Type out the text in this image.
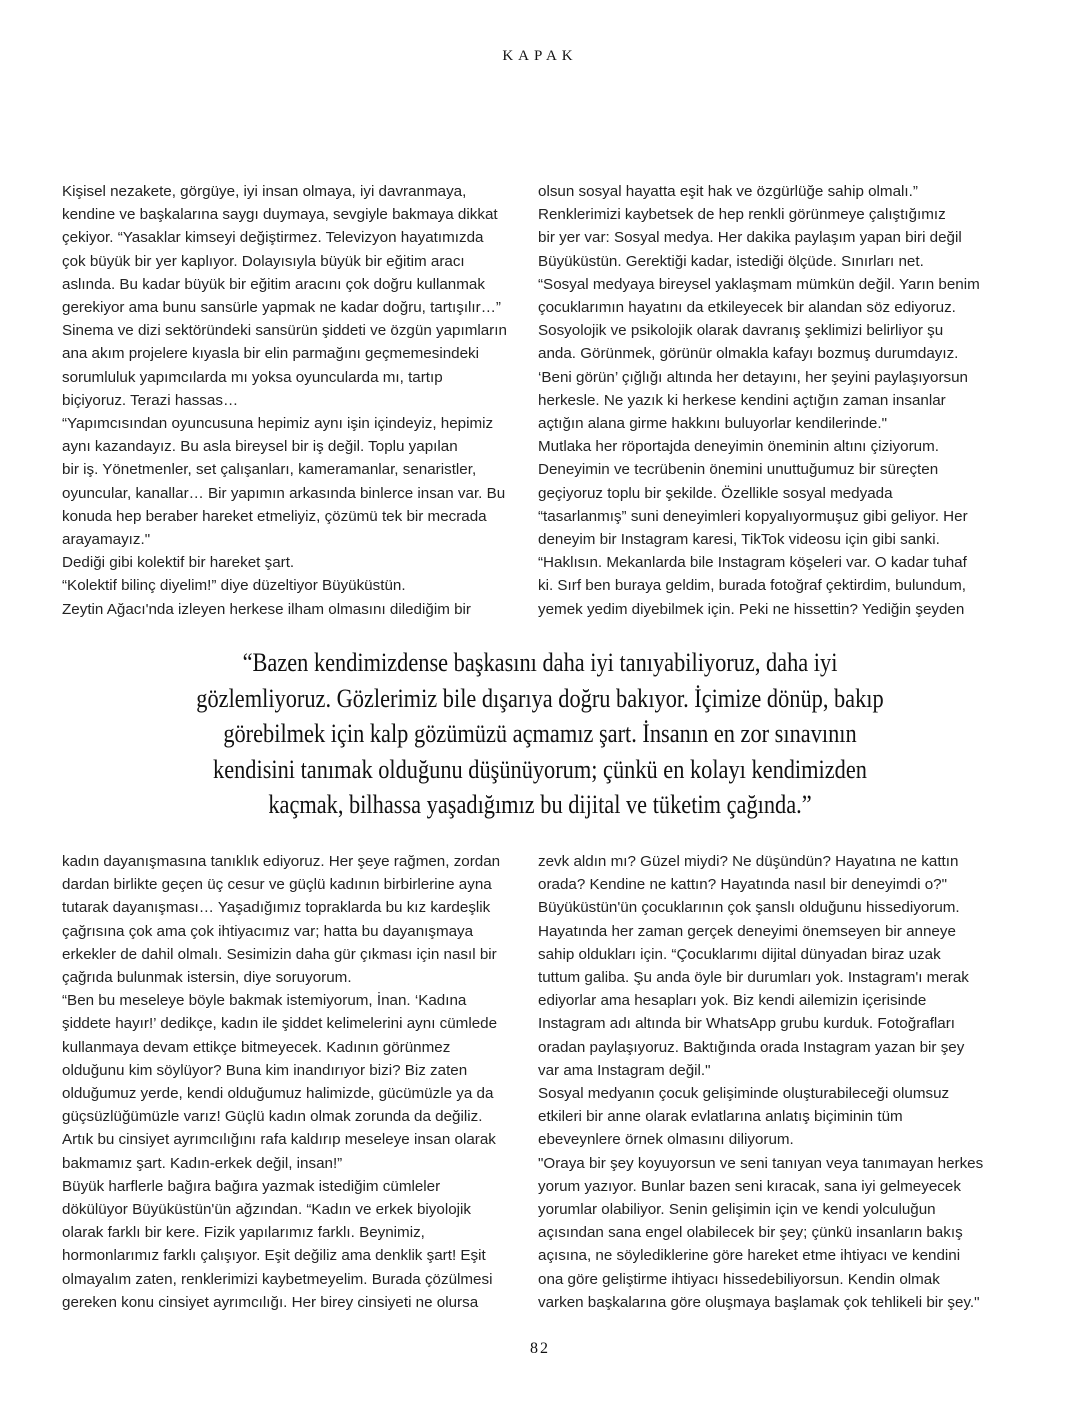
KAPAK

Kişisel nezakete, görgüye, iyi insan olmaya, iyi davranmaya,

kendine ve başkalarına saygı duymaya, sevgiyle bakmaya dikkat

çekiyor. “Yasaklar kimseyi değiştirmez. Televizyon hayatımızda

çok büyük bir yer kaplıyor. Dolayısıyla büyük bir eğitim aracı

aslında. Bu kadar büyük bir eğitim aracını çok doğru kullanmak

gerekiyor ama bunu sansürle yapmak ne kadar doğru, tartışılır…”

Sinema ve dizi sektöründeki sansürün şiddeti ve özgün yapımların

ana akım projelere kıyasla bir elin parmağını geçmemesindeki

sorumluluk yapımcılarda mı yoksa oyuncularda mı, tartıp

biçiyoruz. Terazi hassas…

“Yapımcısından oyuncusuna hepimiz aynı işin içindeyiz, hepimiz

aynı kazandayız. Bu asla bireysel bir iş değil. Toplu yapılan

bir iş. Yönetmenler, set çalışanları, kameramanlar, senaristler,

oyuncular, kanallar… Bir yapımın arkasında binlerce insan var. Bu

konuda hep beraber hareket etmeliyiz, çözümü tek bir mecrada

arayamayız."

Dediği gibi kolektif bir hareket şart.

“Kolektif bilinç diyelim!” diye düzeltiyor Büyüküstün.

Zeytin Ağacı'nda izleyen herkese ilham olmasını dilediğim bir

olsun sosyal hayatta eşit hak ve özgürlüğe sahip olmalı.”

Renklerimizi kaybetsek de hep renkli görünmeye çalıştığımız

bir yer var: Sosyal medya. Her dakika paylaşım yapan biri değil

Büyüküstün. Gerektiği kadar, istediği ölçüde. Sınırları net.

“Sosyal medyaya bireysel yaklaşmam mümkün değil. Yarın benim

çocuklarımın hayatını da etkileyecek bir alandan söz ediyoruz.

Sosyolojik ve psikolojik olarak davranış şeklimizi belirliyor şu

anda. Görünmek, görünür olmakla kafayı bozmuş durumdayız.

‘Beni görün’ çığlığı altında her detayını, her şeyini paylaşıyorsun

herkesle. Ne yazık ki herkese kendini açtığın zaman insanlar

açtığın alana girme hakkını buluyorlar kendilerinde."

Mutlaka her röportajda deneyimin öneminin altını çiziyorum.

Deneyimin ve tecrübenin önemini unuttuğumuz bir süreçten

geçiyoruz toplu bir şekilde. Özellikle sosyal medyada

“tasarlanmış” suni deneyimleri kopyalıyormuşuz gibi geliyor. Her

deneyim bir Instagram karesi, TikTok videosu için gibi sanki.

“Haklısın. Mekanlarda bile Instagram köşeleri var. O kadar tuhaf

ki. Sırf ben buraya geldim, burada fotoğraf çektirdim, bulundum,

yemek yedim diyebilmek için. Peki ne hissettin? Yediğin şeyden

“Bazen kendimizdense başkasını daha iyi tanıyabiliyoruz, daha iyi

gözlemliyoruz. Gözlerimiz bile dışarıya doğru bakıyor. İçimize dönüp, bakıp

görebilmek için kalp gözümüzü açmamız şart. İnsanın en zor sınavının

kendisini tanımak olduğunu düşünüyorum; çünkü en kolayı kendimizden

kaçmak, bilhassa yaşadığımız bu dijital ve tüketim çağında.”

kadın dayanışmasına tanıklık ediyoruz. Her şeye rağmen, zordan

dardan birlikte geçen üç cesur ve güçlü kadının birbirlerine ayna

tutarak dayanışması… Yaşadığımız topraklarda bu kız kardeşlik

çağrısına çok ama çok ihtiyacımız var; hatta bu dayanışmaya

erkekler de dahil olmalı. Sesimizin daha gür çıkması için nasıl bir

çağrıda bulunmak istersin, diye soruyorum.

“Ben bu meseleye böyle bakmak istemiyorum, İnan. ‘Kadına

şiddete hayır!’ dedikçe, kadın ile şiddet kelimelerini aynı cümlede

kullanmaya devam ettikçe bitmeyecek. Kadının görünmez

olduğunu kim söylüyor? Buna kim inandırıyor bizi? Biz zaten

olduğumuz yerde, kendi olduğumuz halimizde, gücümüzle ya da

güçsüzlüğümüzle varız! Güçlü kadın olmak zorunda da değiliz.

Artık bu cinsiyet ayrımcılığını rafa kaldırıp meseleye insan olarak

bakmamız şart. Kadın-erkek değil, insan!”

Büyük harflerle bağıra bağıra yazmak istediğim cümleler

dökülüyor Büyüküstün'ün ağzından. “Kadın ve erkek biyolojik

olarak farklı bir kere. Fizik yapılarımız farklı. Beynimiz,

hormonlarımız farklı çalışıyor. Eşit değiliz ama denklik şart! Eşit

olmayalım zaten, renklerimizi kaybetmeyelim. Burada çözülmesi

gereken konu cinsiyet ayrımcılığı. Her birey cinsiyeti ne olursa

zevk aldın mı? Güzel miydi? Ne düşündün? Hayatına ne kattın

orada? Kendine ne kattın? Hayatında nasıl bir deneyimdi o?"

Büyüküstün'ün çocuklarının çok şanslı olduğunu hissediyorum.

Hayatında her zaman gerçek deneyimi önemseyen bir anneye

sahip oldukları için. “Çocuklarımı dijital dünyadan biraz uzak

tuttum galiba. Şu anda öyle bir durumları yok. Instagram'ı merak

ediyorlar ama hesapları yok. Biz kendi ailemizin içerisinde

Instagram adı altında bir WhatsApp grubu kurduk. Fotoğrafları

oradan paylaşıyoruz. Baktığında orada Instagram yazan bir şey

var ama Instagram değil."

Sosyal medyanın çocuk gelişiminde oluşturabileceği olumsuz

etkileri bir anne olarak evlatlarına anlatış biçiminin tüm

ebeveynlere örnek olmasını diliyorum.

"Oraya bir şey koyuyorsun ve seni tanıyan veya tanımayan herkes

yorum yazıyor. Bunlar bazen seni kıracak, sana iyi gelmeyecek

yorumlar olabiliyor. Senin gelişimin için ve kendi yolculuğun

açısından sana engel olabilecek bir şey; çünkü insanların bakış

açısına, ne söylediklerine göre hareket etme ihtiyacı ve kendini

ona göre geliştirme ihtiyacı hissedebiliyorsun. Kendin olmak

varken başkalarına göre oluşmaya başlamak çok tehlikeli bir şey."

82
